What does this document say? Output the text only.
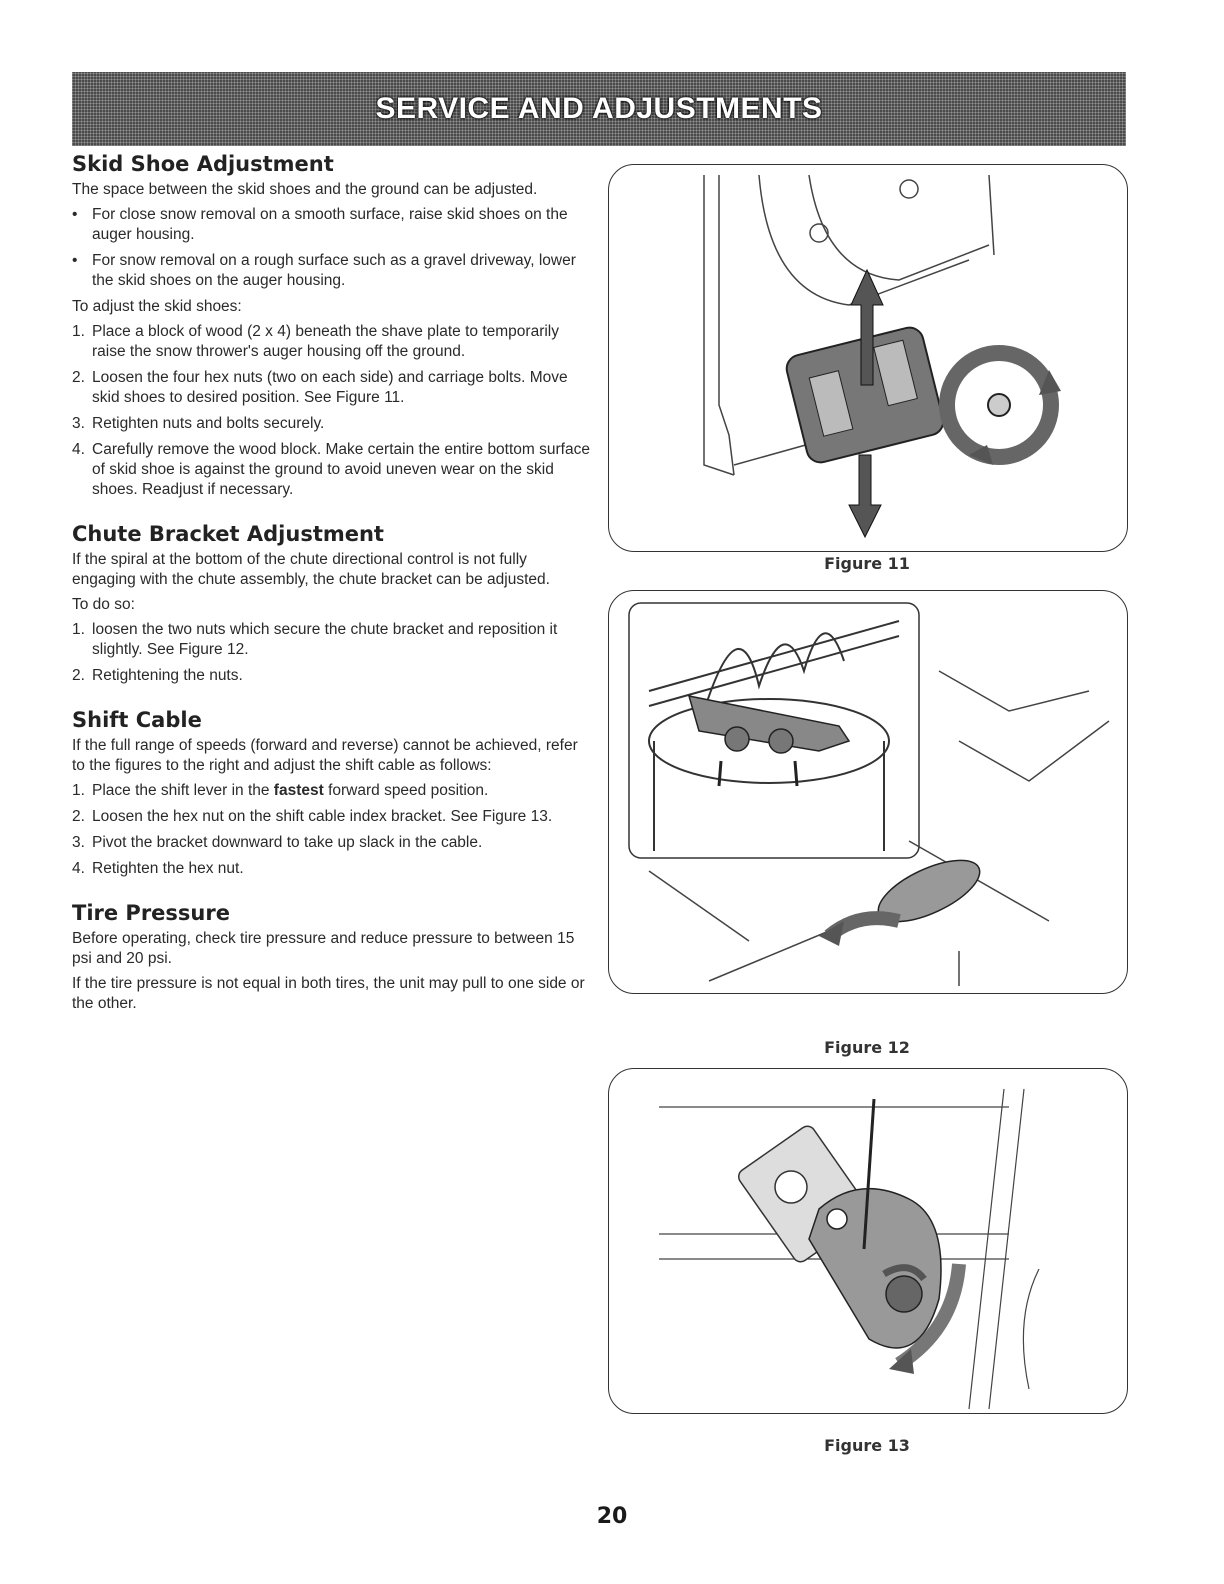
SERVICE AND ADJUSTMENTS
Skid Shoe Adjustment

The space between the skid shoes and the ground can be adjusted.

• For close snow removal on a smooth surface, raise skid shoes on the auger housing.
• For snow removal on a rough surface such as a gravel driveway, lower the skid shoes on the auger housing.

To adjust the skid shoes:

1. Place a block of wood (2 x 4) beneath the shave plate to temporarily raise the snow thrower's auger housing off the ground.
2. Loosen the four hex nuts (two on each side) and carriage bolts. Move skid shoes to desired position. See Figure 11.
3. Retighten nuts and bolts securely.
4. Carefully remove the wood block. Make certain the entire bottom surface of skid shoe is against the ground to avoid uneven wear on the skid shoes. Readjust if necessary.
Chute Bracket Adjustment

If the spiral at the bottom of the chute directional control is not fully engaging with the chute assembly, the chute bracket can be adjusted.

To do so:

1. loosen the two nuts which secure the chute bracket and reposition it slightly. See Figure 12.
2. Retightening the nuts.
Shift Cable

If the full range of speeds (forward and reverse) cannot be achieved, refer to the figures to the right and adjust the shift cable as follows:

1. Place the shift lever in the fastest forward speed position.
2. Loosen the hex nut on the shift cable index bracket. See Figure 13.
3. Pivot the bracket downward to take up slack in the cable.
4. Retighten the hex nut.
Tire Pressure

Before operating, check tire pressure and reduce pressure to between 15 psi and 20 psi.

If the tire pressure is not equal in both tires, the unit may pull to one side or the other.

Figure 11
Figure 12
Figure 13
20
